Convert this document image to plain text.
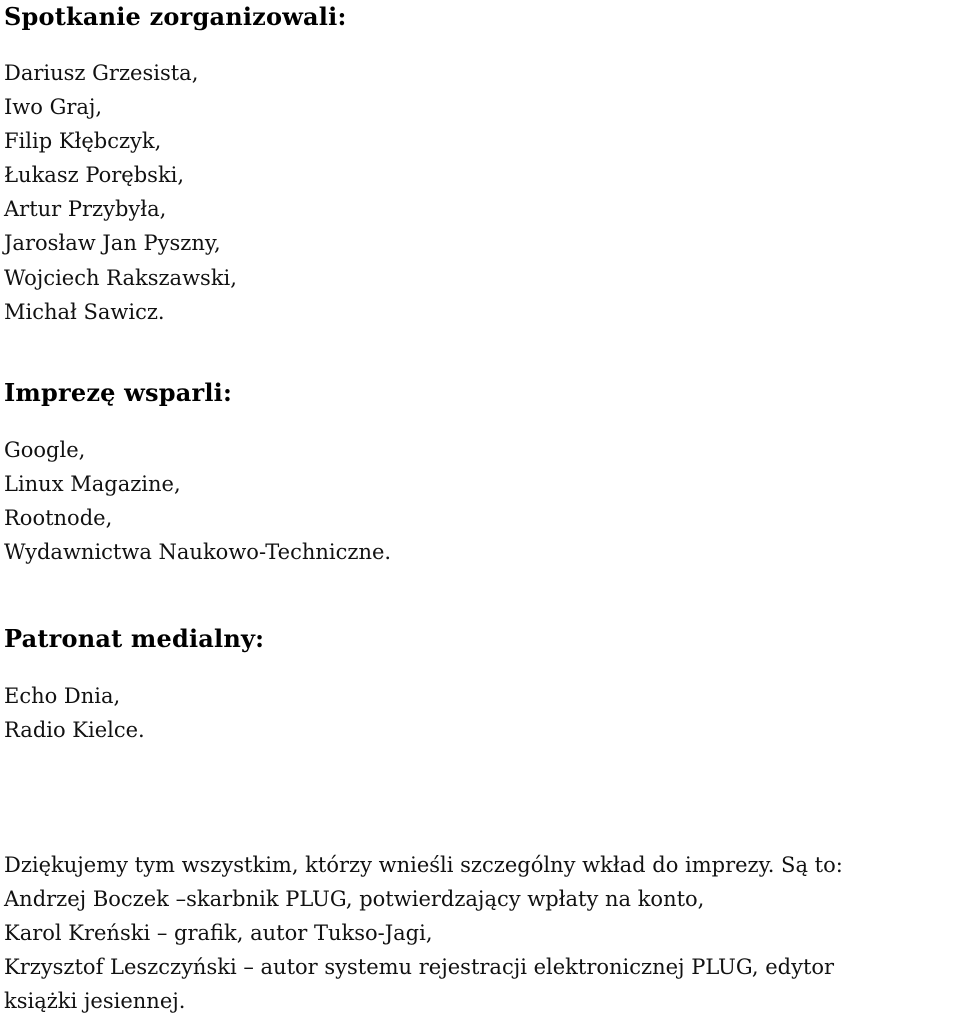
Spotkanie zorganizowali:
Dariusz Grzesista,
Iwo Graj,
Filip Kłębczyk,
Łukasz Porębski,
Artur Przybyła,
Jarosław Jan Pyszny,
Wojciech Rakszawski,
Michał Sawicz.
Imprezę wsparli:
Google,
Linux Magazine,
Rootnode,
Wydawnictwa Naukowo-Techniczne.
Patronat medialny:
Echo Dnia,
Radio Kielce.
Dziękujemy tym wszystkim, którzy wnieśli szczególny wkład do imprezy. Są to:
Andrzej Boczek –skarbnik PLUG, potwierdzający wpłaty na konto,
Karol Kreński – grafik, autor Tukso-Jagi,
Krzysztof Leszczyński – autor systemu rejestracji elektronicznej PLUG, edytor
książki jesiennej.
